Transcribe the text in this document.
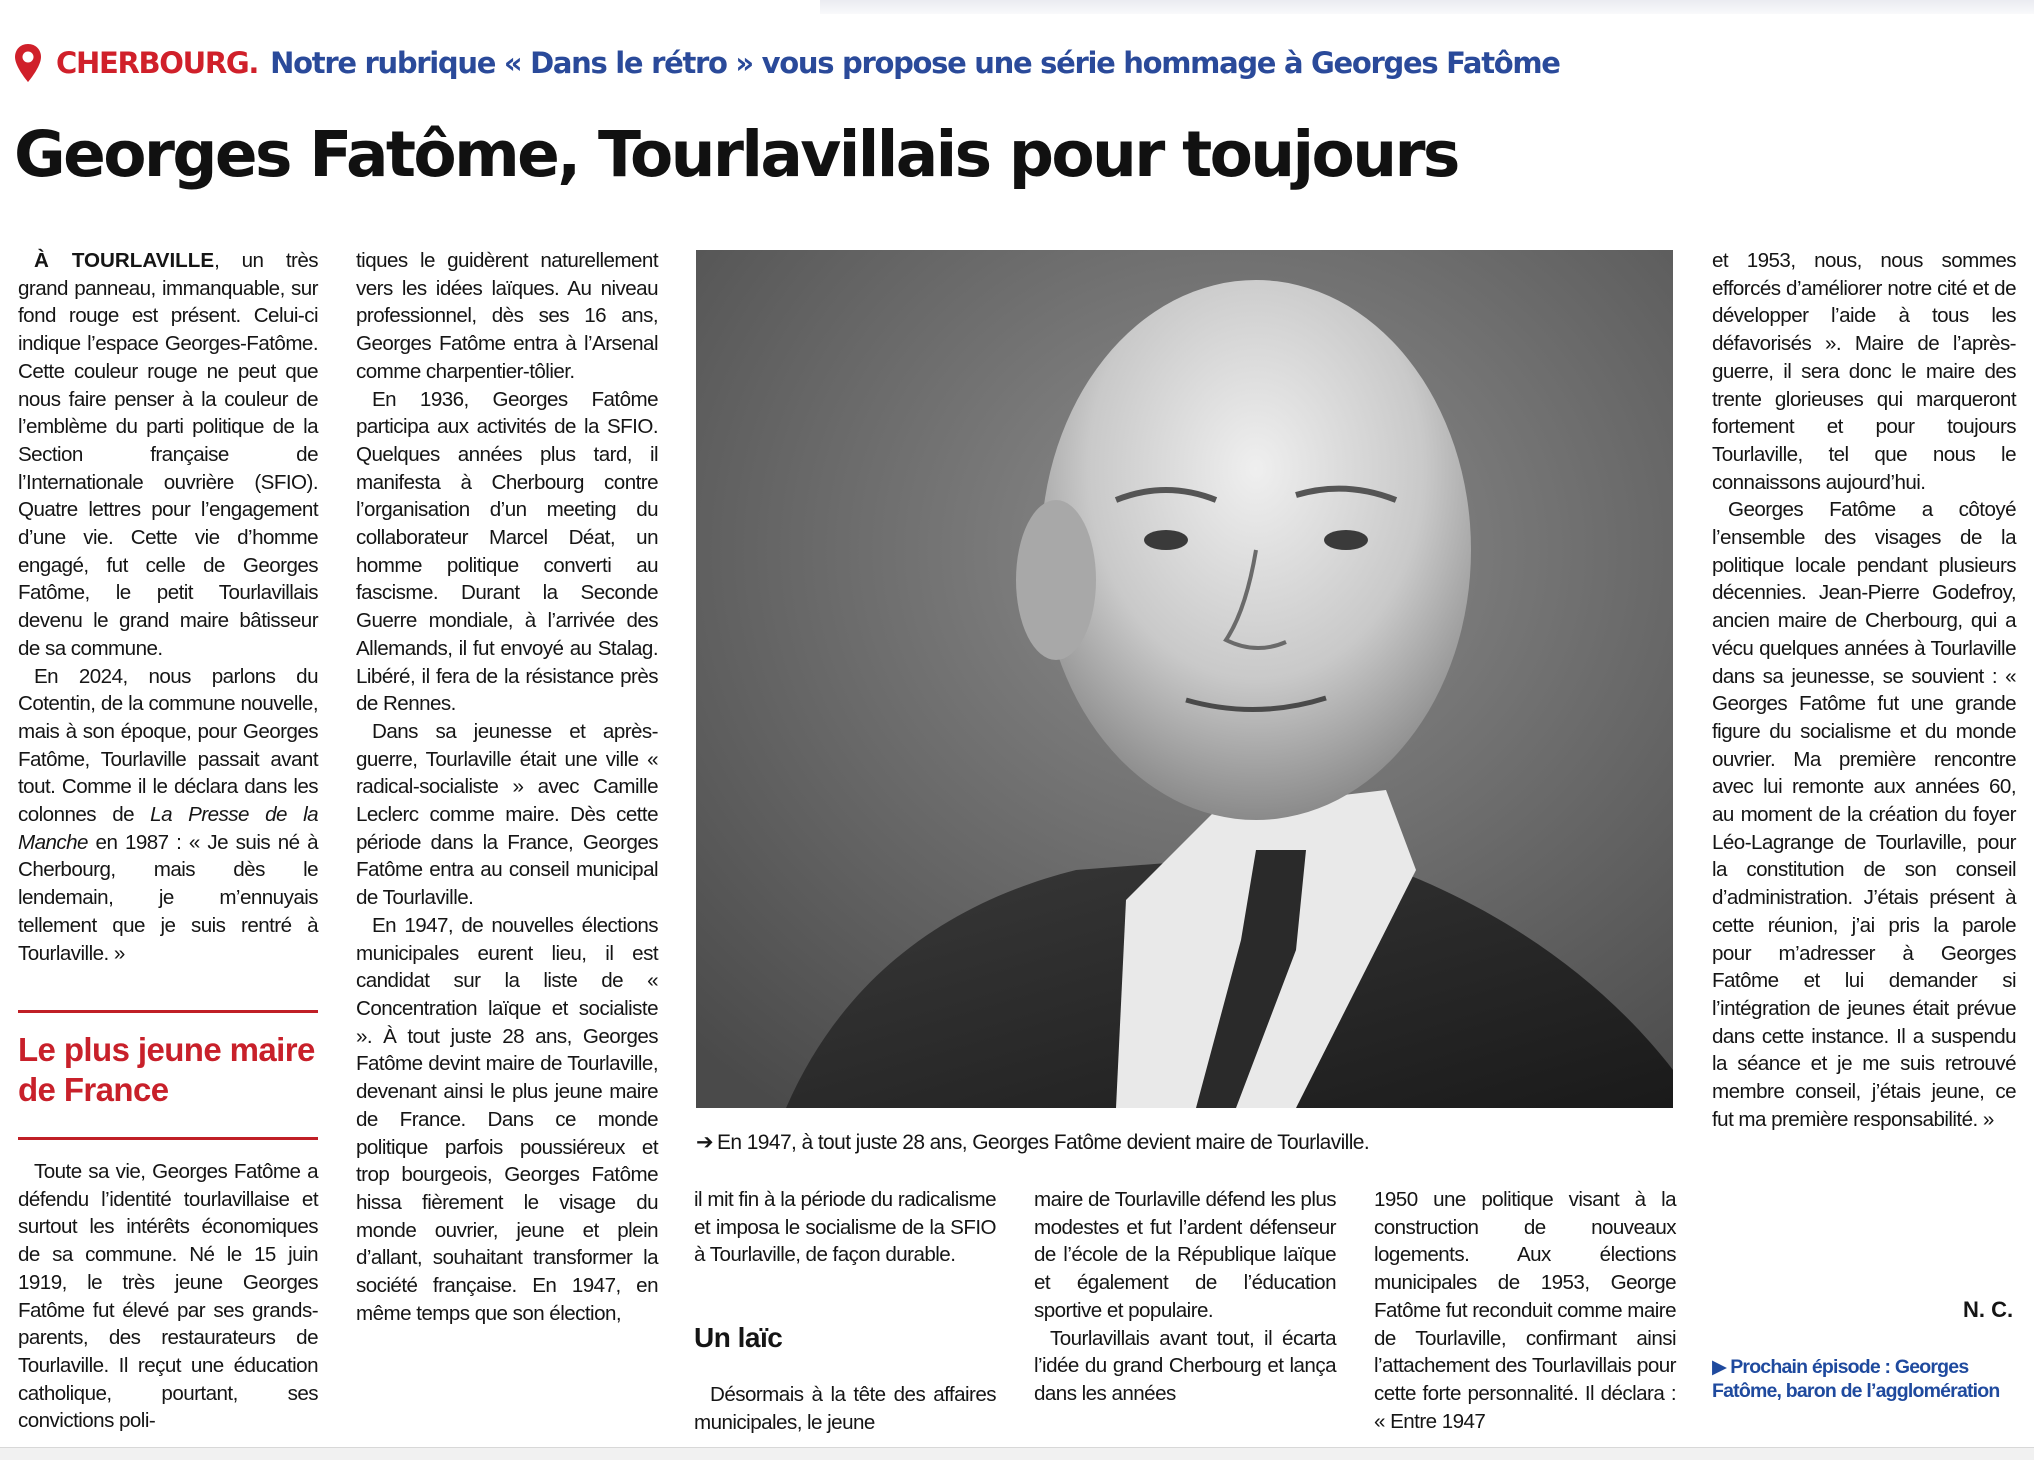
CHERBOURG. Notre rubrique « Dans le rétro » vous propose une série hommage à Georges Fatôme
Georges Fatôme, Tourlavillais pour toujours

À TOURLAVILLE, un très grand panneau, immanquable, sur fond rouge est présent. Celui-ci indique l’espace Georges-Fatôme. Cette couleur rouge ne peut que nous faire penser à la couleur de l’emblème du parti politique de la Section française de l’Internationale ouvrière (SFIO). Quatre lettres pour l’engagement d’une vie. Cette vie d’homme engagé, fut celle de Georges Fatôme, le petit Tourlavillais devenu le grand maire bâtisseur de sa commune.

En 2024, nous parlons du Cotentin, de la commune nouvelle, mais à son époque, pour Georges Fatôme, Tourlaville passait avant tout. Comme il le déclara dans les colonnes de La Presse de la Manche en 1987 : « Je suis né à Cherbourg, mais dès le lendemain, je m’ennuyais tellement que je suis rentré à Tourlaville. »

Le plus jeune maire de France

Toute sa vie, Georges Fatôme a défendu l’identité tourlavillaise et surtout les intérêts économiques de sa commune. Né le 15 juin 1919, le très jeune Georges Fatôme fut élevé par ses grands-parents, des restaurateurs de Tourlaville. Il reçut une éducation catholique, pourtant, ses convictions poli-

tiques le guidèrent naturellement vers les idées laïques. Au niveau professionnel, dès ses 16 ans, Georges Fatôme entra à l’Arsenal comme charpentier-tôlier.

En 1936, Georges Fatôme participa aux activités de la SFIO. Quelques années plus tard, il manifesta à Cherbourg contre l’organisation d’un meeting du collaborateur Marcel Déat, un homme politique converti au fascisme. Durant la Seconde Guerre mondiale, à l’arrivée des Allemands, il fut envoyé au Stalag. Libéré, il fera de la résistance près de Rennes.

Dans sa jeunesse et après-guerre, Tourlaville était une ville « radical-socialiste » avec Camille Leclerc comme maire. Dès cette période dans la France, Georges Fatôme entra au conseil municipal de Tourlaville.

En 1947, de nouvelles élections municipales eurent lieu, il est candidat sur la liste de « Concentration laïque et socialiste ». À tout juste 28 ans, Georges Fatôme devint maire de Tourlaville, devenant ainsi le plus jeune maire de France. Dans ce monde politique parfois poussiéreux et trop bourgeois, Georges Fatôme hissa fièrement le visage du monde ouvrier, jeune et plein d’allant, souhaitant transformer la société française. En 1947, en même temps que son élection,

➔ En 1947, à tout juste 28 ans, Georges Fatôme devient maire de Tourlaville.

il mit fin à la période du radicalisme et imposa le socialisme de la SFIO à Tourlaville, de façon durable.

Un laïc

Désormais à la tête des affaires municipales, le jeune

maire de Tourlaville défend les plus modestes et fut l’ardent défenseur de l’école de la République laïque et également de l’éducation sportive et populaire.

Tourlavillais avant tout, il écarta l’idée du grand Cherbourg et lança dans les années

1950 une politique visant à la construction de nouveaux logements. Aux élections municipales de 1953, George Fatôme fut reconduit comme maire de Tourlaville, confirmant ainsi l’attachement des Tourlavillais pour cette forte personnalité. Il déclara : « Entre 1947

et 1953, nous, nous sommes efforcés d’améliorer notre cité et de développer l’aide à tous les défavorisés ». Maire de l’après-guerre, il sera donc le maire des trente glorieuses qui marqueront fortement et pour toujours Tourlaville, tel que nous le connaissons aujourd’hui.

Georges Fatôme a côtoyé l’ensemble des visages de la politique locale pendant plusieurs décennies. Jean-Pierre Godefroy, ancien maire de Cherbourg, qui a vécu quelques années à Tourlaville dans sa jeunesse, se souvient : « Georges Fatôme fut une grande figure du socialisme et du monde ouvrier. Ma première rencontre avec lui remonte aux années 60, au moment de la création du foyer Léo-Lagrange de Tourlaville, pour la constitution de son conseil d’administration. J’étais présent à cette réunion, j’ai pris la parole pour m’adresser à Georges Fatôme et lui demander si l’intégration de jeunes était prévue dans cette instance. Il a suspendu la séance et je me suis retrouvé membre conseil, j’étais jeune, ce fut ma première responsabilité. »

N. C.
▶ Prochain épisode : Georges Fatôme, baron de l’agglomération
